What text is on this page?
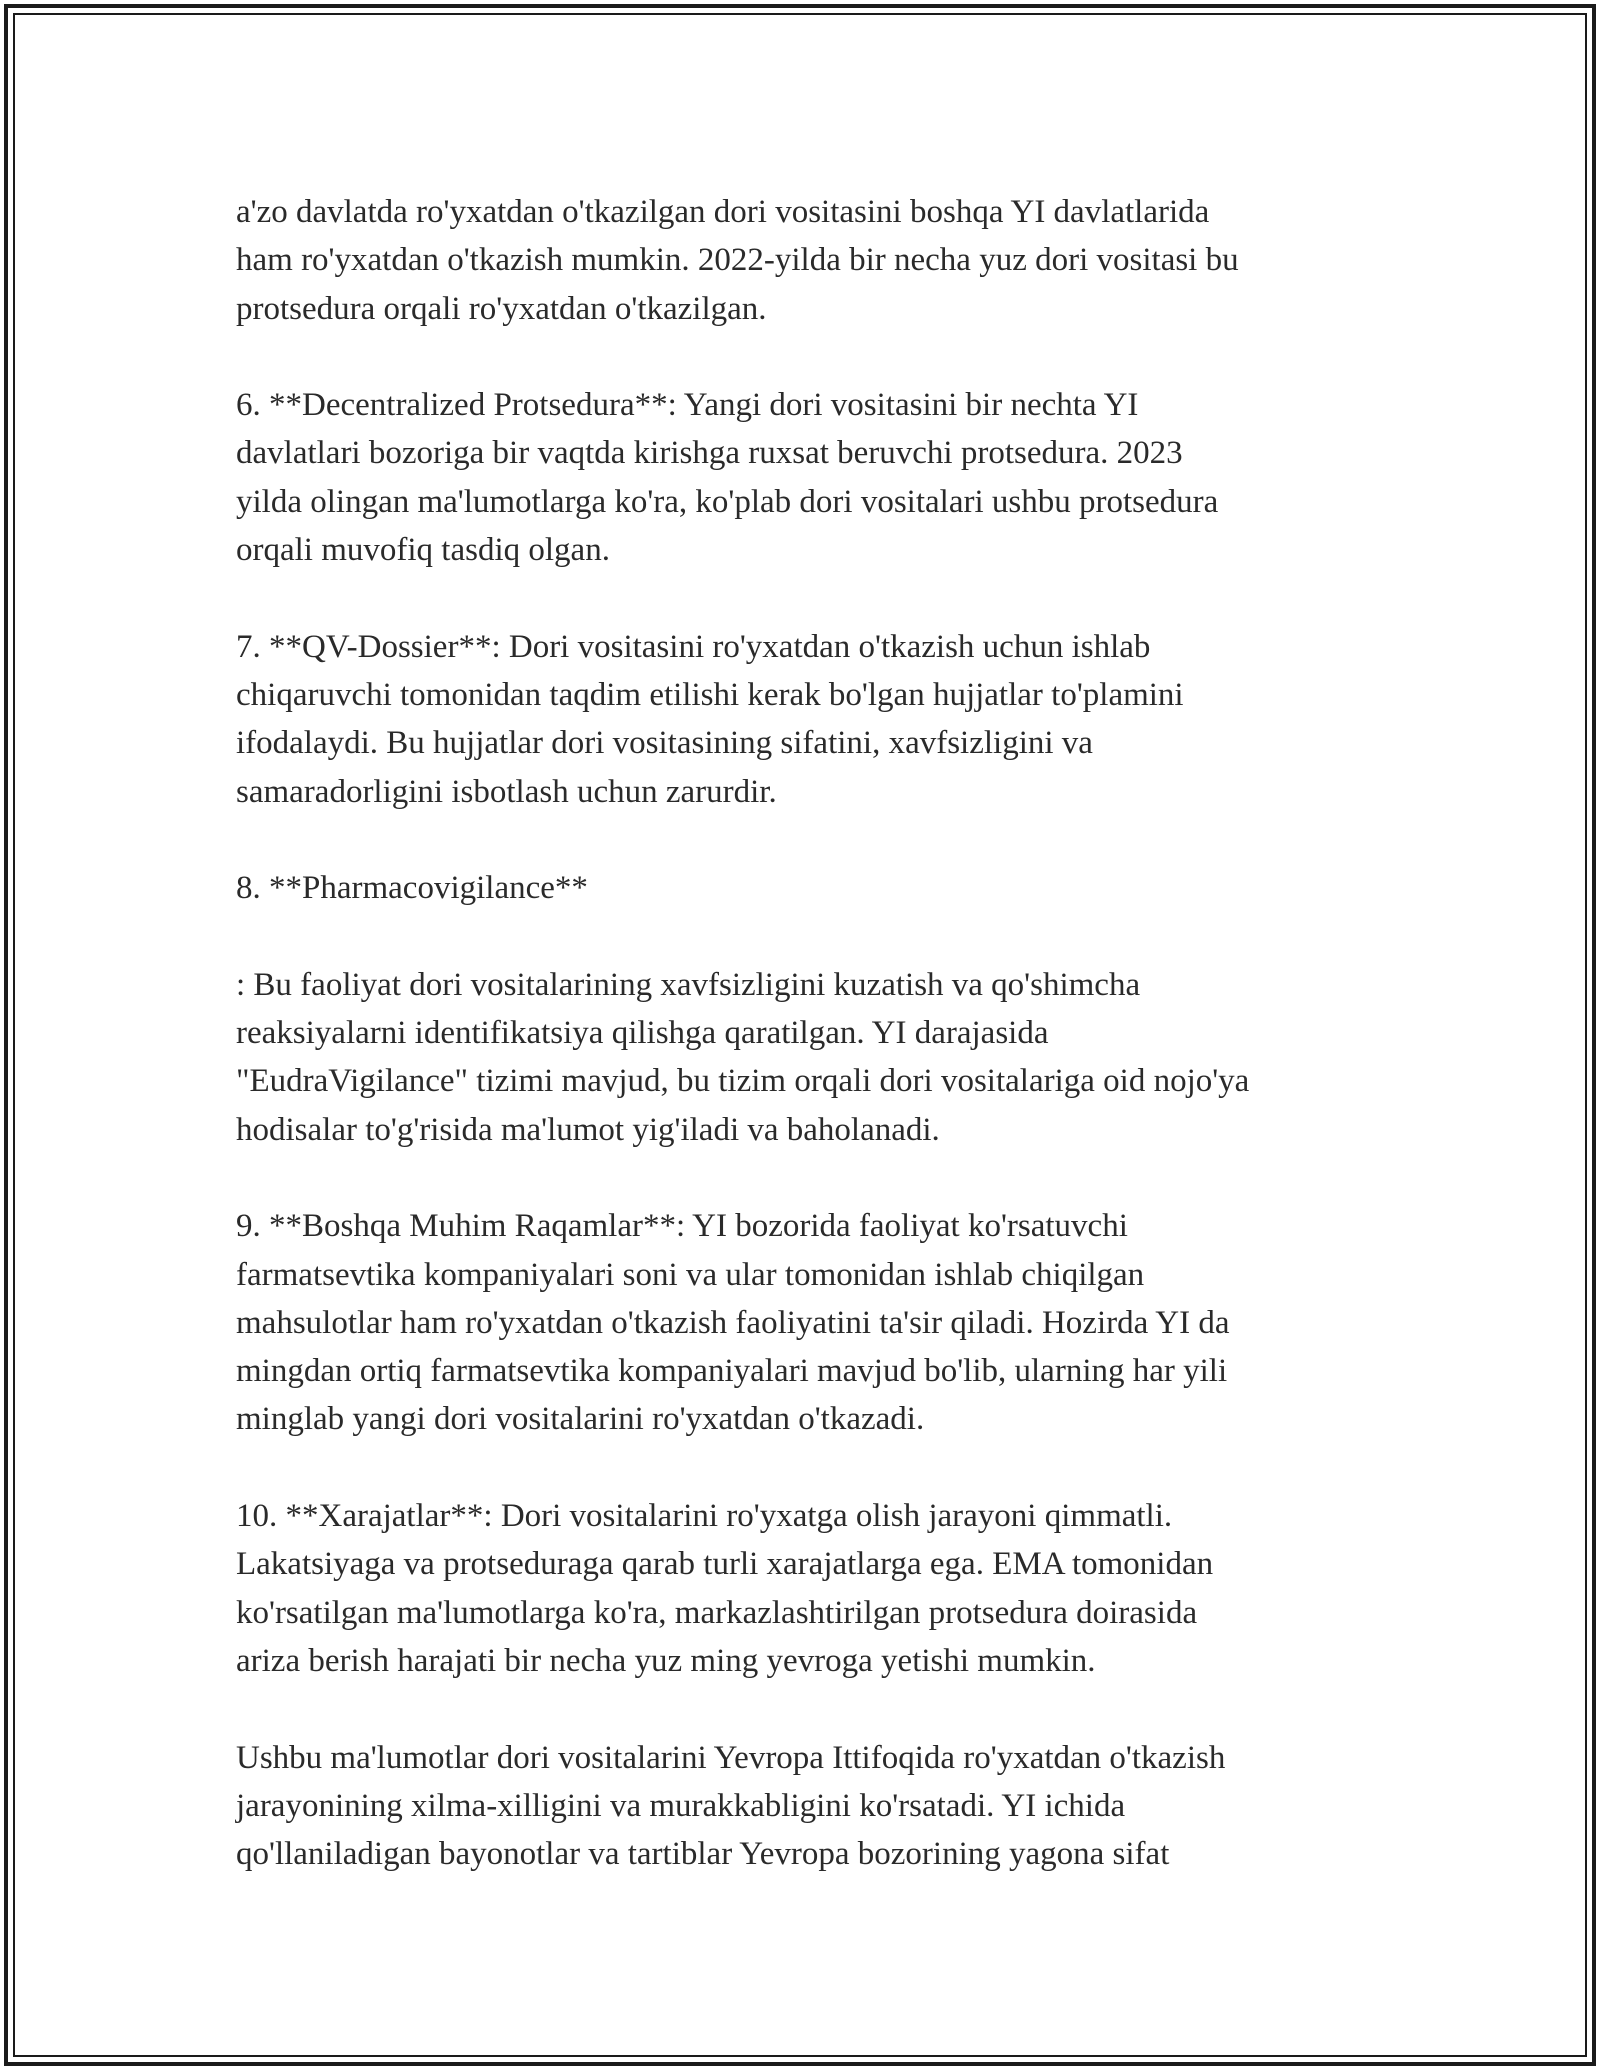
a'zo davlatda ro'yxatdan o'tkazilgan dori vositasini boshqa YI davlatlarida
ham ro'yxatdan o'tkazish mumkin. 2022-yilda bir necha yuz dori vositasi bu
protsedura orqali ro'yxatdan o'tkazilgan.

6. **Decentralized Protsedura**: Yangi dori vositasini bir nechta YI
davlatlari bozoriga bir vaqtda kirishga ruxsat beruvchi protsedura. 2023
yilda olingan ma'lumotlarga ko'ra, ko'plab dori vositalari ushbu protsedura
orqali muvofiq tasdiq olgan.

7. **QV-Dossier**: Dori vositasini ro'yxatdan o'tkazish uchun ishlab
chiqaruvchi tomonidan taqdim etilishi kerak bo'lgan hujjatlar to'plamini
ifodalaydi. Bu hujjatlar dori vositasining sifatini, xavfsizligini va
samaradorligini isbotlash uchun zarurdir.

8. **Pharmacovigilance**

: Bu faoliyat dori vositalarining xavfsizligini kuzatish va qo'shimcha
reaksiyalarni identifikatsiya qilishga qaratilgan. YI darajasida
"EudraVigilance" tizimi mavjud, bu tizim orqali dori vositalariga oid nojo'ya
hodisalar to'g'risida ma'lumot yig'iladi va baholanadi.

9. **Boshqa Muhim Raqamlar**: YI bozorida faoliyat ko'rsatuvchi
farmatsevtika kompaniyalari soni va ular tomonidan ishlab chiqilgan
mahsulotlar ham ro'yxatdan o'tkazish faoliyatini ta'sir qiladi. Hozirda YI da
mingdan ortiq farmatsevtika kompaniyalari mavjud bo'lib, ularning har yili
minglab yangi dori vositalarini ro'yxatdan o'tkazadi.

10. **Xarajatlar**: Dori vositalarini ro'yxatga olish jarayoni qimmatli.
Lakatsiyaga va protseduraga qarab turli xarajatlarga ega. EMA tomonidan
ko'rsatilgan ma'lumotlarga ko'ra, markazlashtirilgan protsedura doirasida
ariza berish harajati bir necha yuz ming yevroga yetishi mumkin.

Ushbu ma'lumotlar dori vositalarini Yevropa Ittifoqida ro'yxatdan o'tkazish
jarayonining xilma-xilligini va murakkabligini ko'rsatadi. YI ichida
qo'llaniladigan bayonotlar va tartiblar Yevropa bozorining yagona sifat
